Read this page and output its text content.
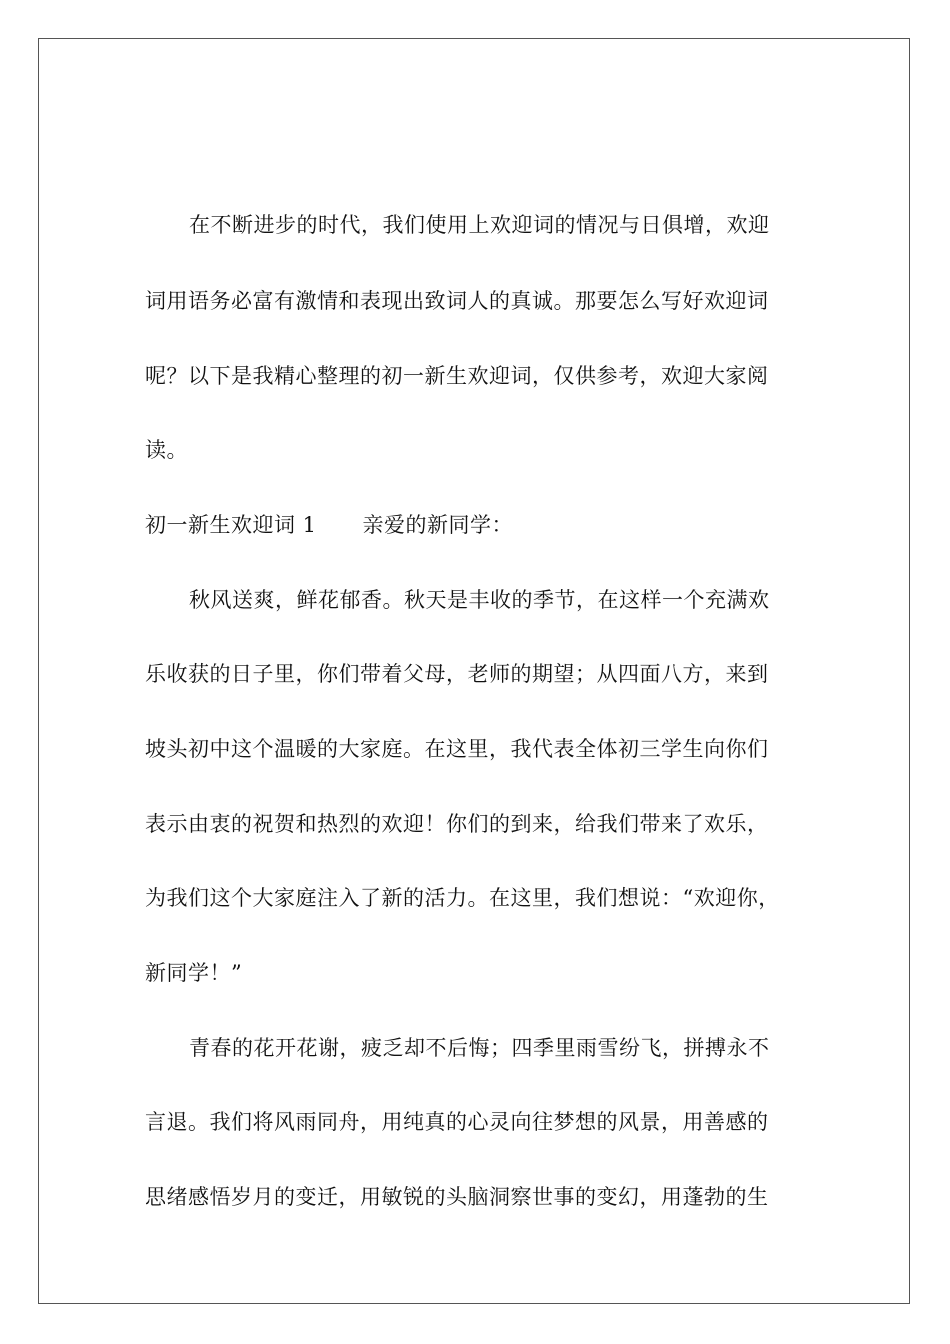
在不断进步的时代，我们使用上欢迎词的情况与日俱增，欢迎
词用语务必富有激情和表现出致词人的真诚。那要怎么写好欢迎词
呢？以下是我精心整理的初一新生欢迎词，仅供参考，欢迎大家阅
读。
初一新生欢迎词 1 亲爱的新同学：
秋风送爽，鲜花郁香。秋天是丰收的季节，在这样一个充满欢
乐收获的日子里，你们带着父母，老师的期望；从四面八方，来到
坡头初中这个温暖的大家庭。在这里，我代表全体初三学生向你们
表示由衷的祝贺和热烈的欢迎！你们的到来，给我们带来了欢乐，
为我们这个大家庭注入了新的活力。在这里，我们想说：“欢迎你，
新同学！”
青春的花开花谢，疲乏却不后悔；四季里雨雪纷飞，拼搏永不
言退。我们将风雨同舟，用纯真的心灵向往梦想的风景，用善感的
思绪感悟岁月的变迁，用敏锐的头脑洞察世事的变幻，用蓬勃的生
